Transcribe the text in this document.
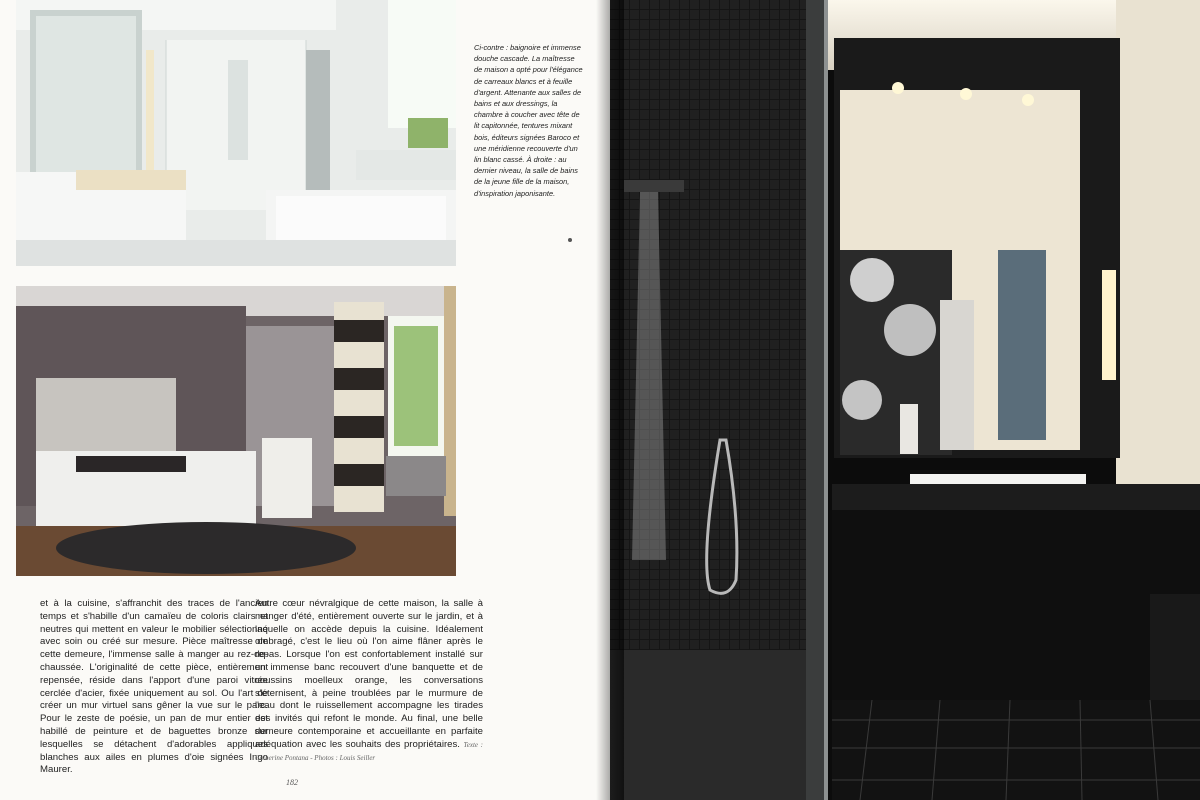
Ci-contre : baignoire et immense douche cascade. La maîtresse de maison a opté pour l'élégance de carreaux blancs et à feuille d'argent. Attenante aux salles de bains et aux dressings, la chambre à coucher avec tête de lit capitonnée, tentures mixant bois, éditeurs signées Baroco et une méridienne recouverte d'un lin blanc cassé. À droite : au dernier niveau, la salle de bains de la jeune fille de la maison, d'inspiration japonisante.
et à la cuisine, s'affranchit des traces de l'ancien temps et s'habille d'un camaïeu de coloris clairs et neutres qui mettent en valeur le mobilier sélectionné avec soin ou créé sur mesure. Pièce maîtresse de cette demeure, l'immense salle à manger au rez-de-chaussée. L'originalité de cette pièce, entièrement repensée, réside dans l'apport d'une paroi vitrée cerclée d'acier, fixée uniquement au sol. Ou l'art de créer un mur virtuel sans gêner la vue sur le parc. Pour le zeste de poésie, un pan de mur entier est habillé de peinture et de baguettes bronze sur lesquelles se détachent d'adorables appliques blanches aux ailes en plumes d'oie signées Ingo Maurer.
Autre cœur névralgique de cette maison, la salle à manger d'été, entièrement ouverte sur le jardin, et à laquelle on accède depuis la cuisine. Idéalement ombragé, c'est le lieu où l'on aime flâner après le repas. Lorsque l'on est confortablement installé sur un immense banc recouvert d'une banquette et de coussins moelleux orange, les conversations s'éternisent, à peine troublées par le murmure de l'eau dont le ruissellement accompagne les tirades des invités qui refont le monde. Au final, une belle demeure contemporaine et accueillante en parfaite adéquation avec les souhaits des propriétaires. Texte : Catherine Pontana - Photos : Louis Seiller
182
